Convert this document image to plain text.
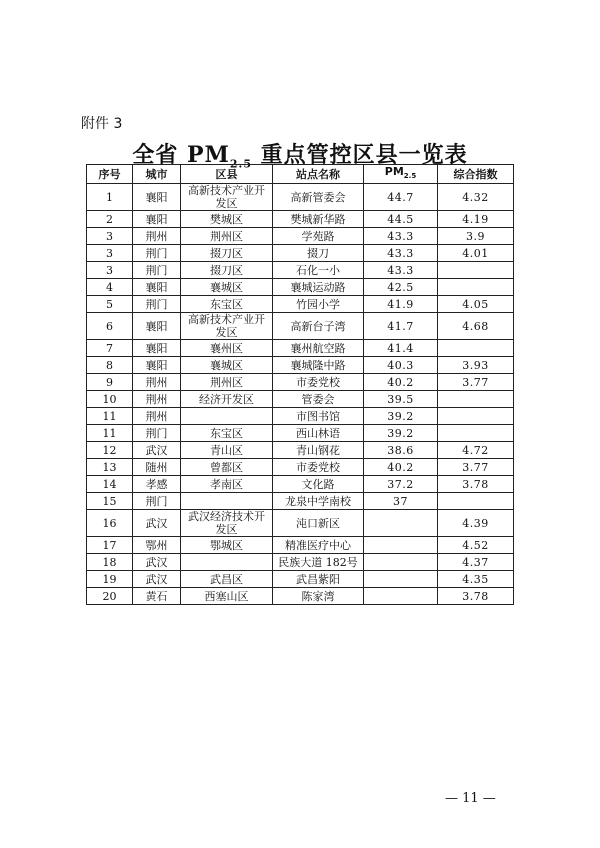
附件 3
全省 $PM_{2.5}$ 重点管控区县一览表
序号	城市	区县	站点名称	$PM_{2.5}$	综合指数
1	襄阳	高新技术产业开发区	高新管委会	44.7	4.32
2	襄阳	樊城区	樊城新华路	44.5	4.19
3	荆州	荆州区	学苑路	43.3	3.9
3	荆门	掇刀区	掇刀	43.3	4.01
3	荆门	掇刀区	石化一小	43.3	
4	襄阳	襄城区	襄城运动路	42.5	
5	荆门	东宝区	竹园小学	41.9	4.05
6	襄阳	高新技术产业开发区	高新台子湾	41.7	4.68
7	襄阳	襄州区	襄州航空路	41.4	
8	襄阳	襄城区	襄城隆中路	40.3	3.93
9	荆州	荆州区	市委党校	40.2	3.77
10	荆州	经济开发区	管委会	39.5	
11	荆州		市图书馆	39.2	
11	荆门	东宝区	西山林语	39.2	
12	武汉	青山区	青山钢花	38.6	4.72
13	随州	曾都区	市委党校	40.2	3.77
14	孝感	孝南区	文化路	37.2	3.78
15	荆门		龙泉中学南校	37	
16	武汉	武汉经济技术开发区	沌口新区		4.39
17	鄂州	鄂城区	精准医疗中心		4.52
18	武汉		民族大道 182号		4.37
19	武汉	武昌区	武昌紫阳		4.35
20	黄石	西塞山区	陈家湾		3.78
— 11 —
